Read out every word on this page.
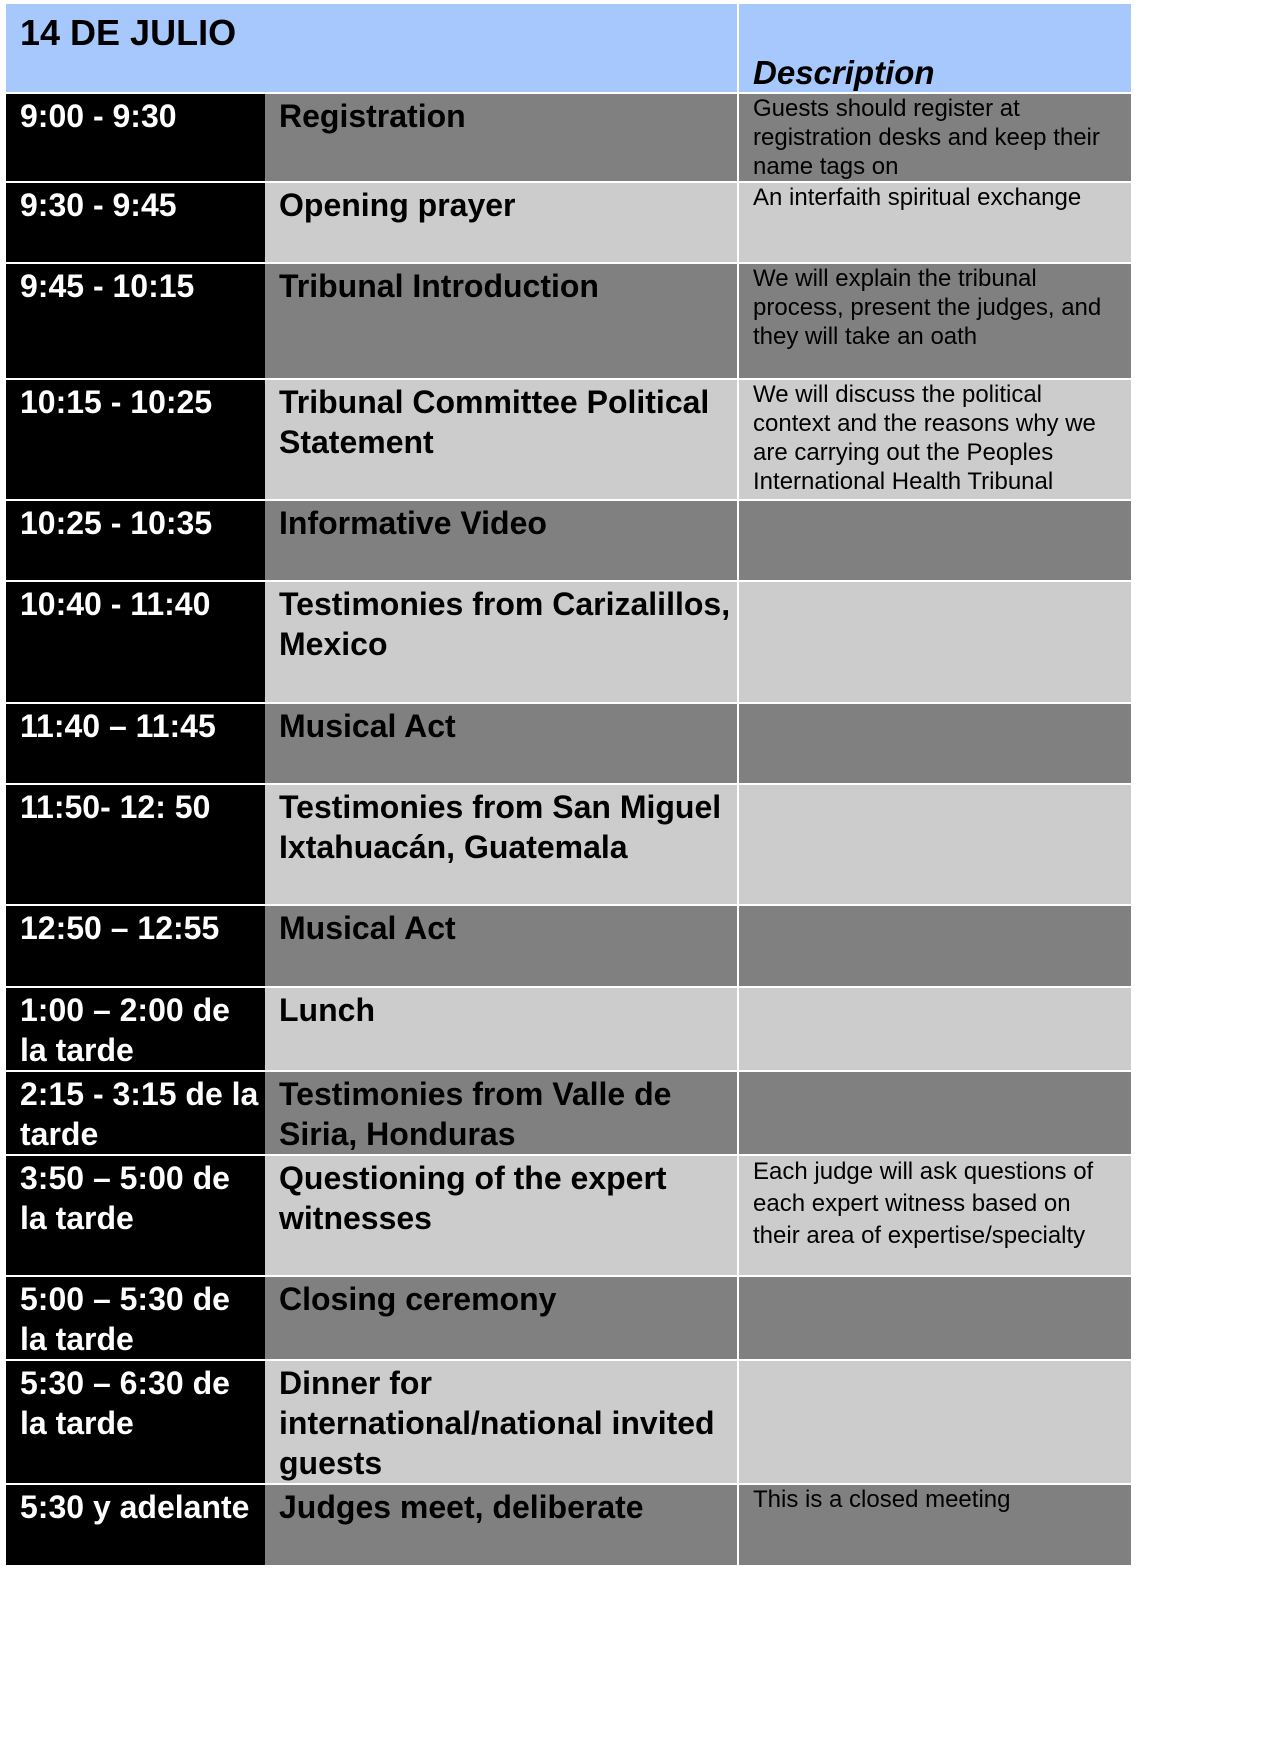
14 DE JULIO		Description
9:00 - 9:30	Registration	Guests should register at registration desks and keep their name tags on
9:30 - 9:45	Opening prayer	An interfaith spiritual exchange
9:45 - 10:15	Tribunal Introduction	We will explain the tribunal process, present the judges, and they will take an oath
10:15 - 10:25	Tribunal Committee Political Statement	We will discuss the political context and the reasons why we are carrying out the Peoples International Health Tribunal
10:25 - 10:35	Informative Video	
10:40 - 11:40	Testimonies from Carizalillos, Mexico	
11:40 – 11:45	Musical Act	
11:50- 12: 50	Testimonies from San Miguel Ixtahuacán, Guatemala	
12:50 – 12:55	Musical Act	
1:00 – 2:00 de la tarde	Lunch	
2:15 - 3:15 de la tarde	Testimonies from Valle de Siria, Honduras	
3:50 – 5:00 de la tarde	Questioning of the expert witnesses	Each judge will ask questions of each expert witness based on their area of expertise/specialty
5:00 – 5:30 de la tarde	Closing ceremony	
5:30 – 6:30 de la tarde	Dinner for international/national invited guests	
5:30 y adelante	Judges meet, deliberate	This is a closed meeting
